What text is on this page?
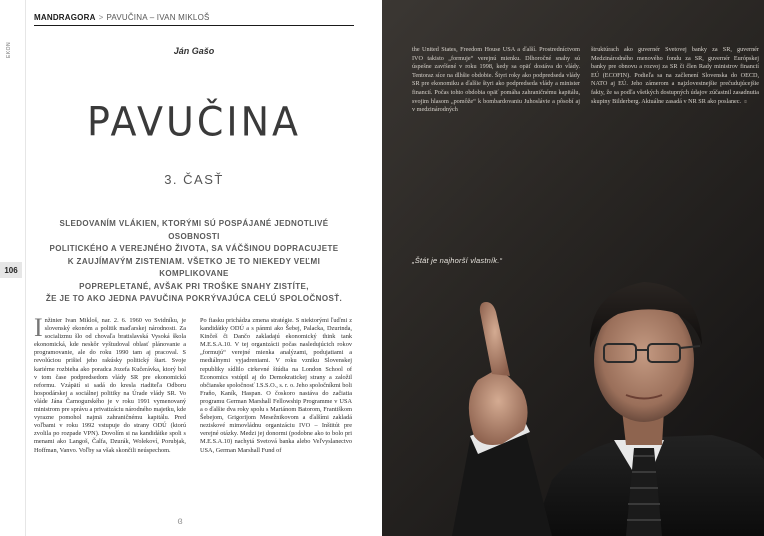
EKON
106
MANDRAGORA > PAVUČINA – IVAN MIKLOŠ
Ján Gašo
PAVUČINA
3. ČASŤ
SLEDOVANÍM VLÁKIEN, KTORÝMI SÚ POSPÁJANÉ JEDNOTLIVÉ OSOBNOSTI
POLITICKÉHO A VEREJNÉHO ŽIVOTA, SA VÁČŠINOU DOPRACUJETE
K ZAUJÍMAVÝM ZISTENIAM. VŠETKO JE TO NIEKEDY VEĽMI KOMPLIKOVANE
POPREPLETANÉ, AVŠAK PRI TROŠKE SNAHY ZISTÍTE,
ŽE JE TO AKO JEDNA PAVUČINA POKRÝVAJÚCA CELÚ SPOLOČNOSŤ.
Inžinier Ivan Mikloš, nar. 2. 6. 1960 vo Svidníku, je slovenský ekonóm a politik maďarskej národnosti. Za socializmu šlo od chovaľa bratislavská Vysoká škola ekonomická, kde neskôr vyštudoval oblasť plánovanie a programovanie, ale do roku 1990 tam aj pracoval. S revolúciou prišiel jeho rakúsky politický štart. Svoje kariérne rozbieha ako poradca Jozefa Kučerávka, ktorý bol v tom čase podpredsedom vlády SR pre ekonomickú reformu. Vzápätí si sadá do kresla riaditeľa Odboru hospodárskej a sociálnej politiky na Úrade vlády SR. Vo vláde Jána Čarnogurského je v roku 1991 vymenovaný ministrom pre správu a privatizáciu národného majetku, kde vyrazne pomohol najmä zahraničnému kapitálu. Pred voľbami v roku 1992 vstupuje do strany ODÚ (ktorú zvolila po rozpade VPN). Dovolím si na kandidátke spoli s menami ako Langoš, Čalfa, Dzurák, Wolekoví, Porubjak, Hoffman, Vanvo. Voľby sa však skončili neúspechom.
Po fiasku prichádza zmena stratégie. S niektorými ľuďmi z kandidátky ODÚ a s pánmi ako Šebej, Palacka, Dzurinda, Kinčeš či Dančo zakladajú ekonomický think tank M.E.S.A.10. V tej organizácii počas nasledujúcich rokov „formujú“ verejné mienka analýzami, podujatiami a mediálnymi vyjadreniami. V roku vzniku Slovenskej republiky sídlilo cirkevné štúdia na London School of Economics vstúpil aj do Demokratickej strany a založil občianske spoločnosť I.S.S.O., s. r. o. Jeho spoločníkmi boli Fraňo, Kaník, Haspan. O čoskoro nastáva do začiatia programu German Marshall Fellowship Programme v USA a o ďalšie dva roky spolu s Mariánom Batorom, Františkom Šebejom, Grigorijom Mesežnikovom a ďalšími zakladá neziskové mimovládnu organizáciu IVO – Inštitút pre verejné otázky. Medzi jej donormi (podobne ako to bolo pri M.E.S.A.10) nachytá Svetová banka alebo Veľvyslanectvo USA, German Marshall Fund of
ɞ
the United States, Freedom House USA a ďalší. Prostredníctvom IVO takisto „formuje“ verejnú mienku. Dlhoročné snahy sú úspešne zavŕšené v roku 1998, kedy sa opäť dostáva do vlády. Tentoraz síce na dlhšie obdobie. Štyri roky ako podpredseda vlády SR pre ekonomiku a ďalšie štyri ako podpredseda vlády a minister financií. Počas tohto obdobia opäť pomáha zahraničnému kapitálu, svojim hlasom „pomôže“ k bombardovaniu Juhoslávie a pôsobí aj v medzinárodných
štruktúrach ako guvernér Svetovej banky za SR, guvernér Medzinárodného menového fondu za SR, guvernér Európskej banky pre obnovu a rozvoj za SR či člen Rady ministrov financií EÚ (ECOFIN). Podieľa sa na začlenení Slovenska do OECD, NATO aj EÚ. Jeho zámerom a najzlovestnejšie prečudujúcejšie fakty, že sa podľa všetkých dostupných údajov zúčastnil zasadnutia skupiny Bilderberg. Aktuálne zasadá v NR SR ako poslanec. ɞ
„Štát je najhorší vlastník.“
